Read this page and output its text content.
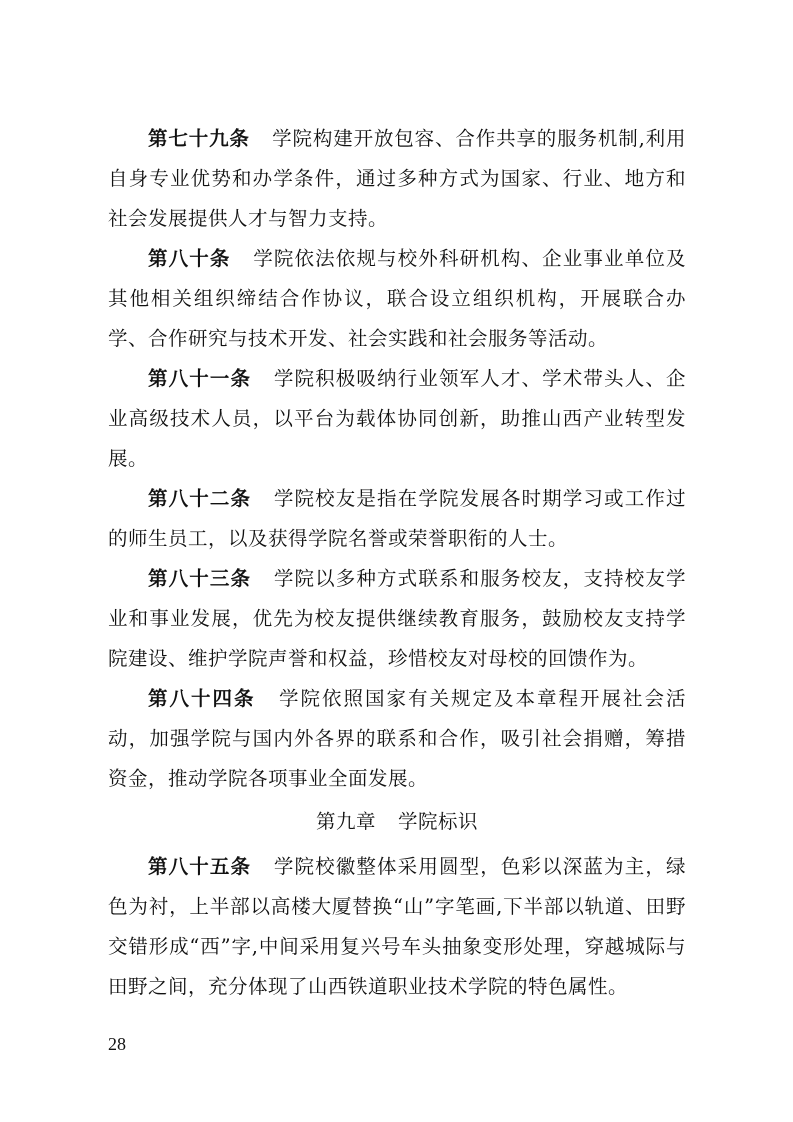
第七十九条 学院构建开放包容、合作共享的服务机制,利用自身专业优势和办学条件，通过多种方式为国家、行业、地方和社会发展提供人才与智力支持。

第八十条 学院依法依规与校外科研机构、企业事业单位及其他相关组织缔结合作协议，联合设立组织机构，开展联合办学、合作研究与技术开发、社会实践和社会服务等活动。

第八十一条 学院积极吸纳行业领军人才、学术带头人、企业高级技术人员，以平台为载体协同创新，助推山西产业转型发展。

第八十二条 学院校友是指在学院发展各时期学习或工作过的师生员工，以及获得学院名誉或荣誉职衔的人士。

第八十三条 学院以多种方式联系和服务校友，支持校友学业和事业发展，优先为校友提供继续教育服务，鼓励校友支持学院建设、维护学院声誉和权益，珍惜校友对母校的回馈作为。

第八十四条 学院依照国家有关规定及本章程开展社会活动，加强学院与国内外各界的联系和合作，吸引社会捐赠，筹措资金，推动学院各项事业全面发展。

第九章 学院标识

第八十五条 学院校徽整体采用圆型，色彩以深蓝为主，绿色为衬，上半部以高楼大厦替换“山”字笔画,下半部以轨道、田野交错形成“西”字,中间采用复兴号车头抽象变形处理，穿越城际与田野之间，充分体现了山西铁道职业技术学院的特色属性。

28
